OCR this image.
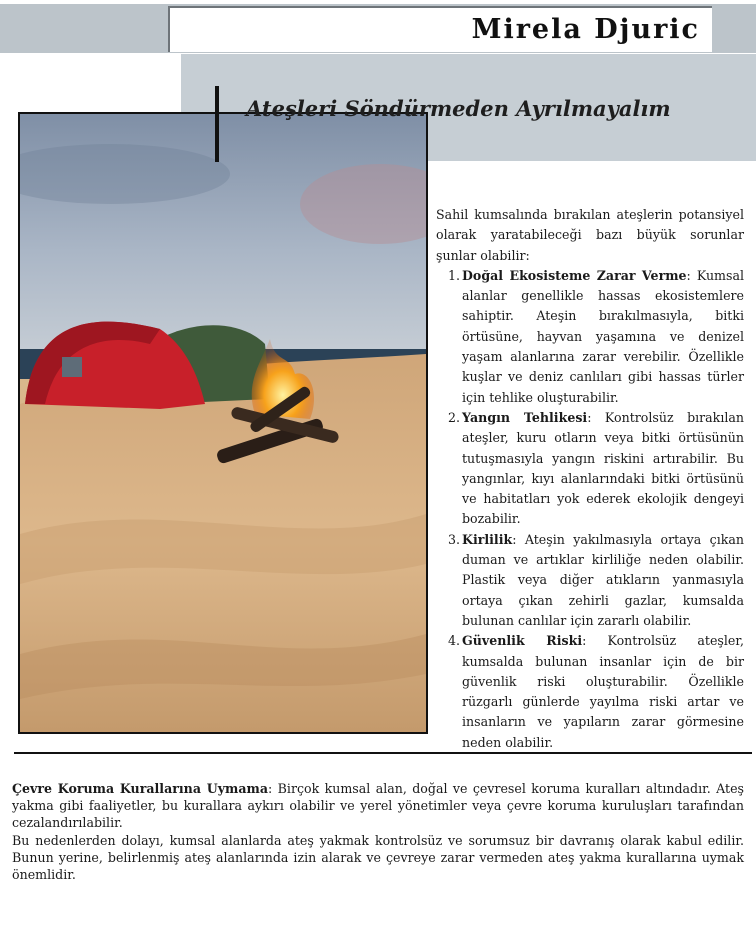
Mirela Djuric
Ateşleri Söndürmeden Ayrılmayalım

Sahil kumsalında bırakılan ateşlerin potansiyel olarak yaratabileceği bazı büyük sorunlar şunlar olabilir:

1. Doğal Ekosisteme Zarar Verme: Kumsal alanlar genellikle hassas ekosistemlere sahiptir. Ateşin bırakılmasıyla, bitki örtüsüne, hayvan yaşamına ve denizel yaşam alanlarına zarar verebilir. Özellikle kuşlar ve deniz canlıları gibi hassas türler için tehlike oluşturabilir.
2. Yangın Tehlikesi: Kontrolsüz bırakılan ateşler, kuru otların veya bitki örtüsünün tutuşmasıyla yangın riskini artırabilir. Bu yangınlar, kıyı alanlarındaki bitki örtüsünü ve habitatları yok ederek ekolojik dengeyi bozabilir.
3. Kirlilik: Ateşin yakılmasıyla ortaya çıkan duman ve artıklar kirliliğe neden olabilir. Plastik veya diğer atıkların yanmasıyla ortaya çıkan zehirli gazlar, kumsalda bulunan canlılar için zararlı olabilir.
4. Güvenlik Riski: Kontrolsüz ateşler, kumsalda bulunan insanlar için de bir güvenlik riski oluşturabilir. Özellikle rüzgarlı günlerde yayılma riski artar ve insanların ve yapıların zarar görmesine neden olabilir.

Çevre Koruma Kurallarına Uymama: Birçok kumsal alan, doğal ve çevresel koruma kuralları altındadır. Ateş yakma gibi faaliyetler, bu kurallara aykırı olabilir ve yerel yönetimler veya çevre koruma kuruluşları tarafından cezalandırılabilir.

Bu nedenlerden dolayı, kumsal alanlarda ateş yakmak kontrolsüz ve sorumsuz bir davranış olarak kabul edilir. Bunun yerine, belirlenmiş ateş alanlarında izin alarak ve çevreye zarar vermeden ateş yakma kurallarına uymak önemlidir.
